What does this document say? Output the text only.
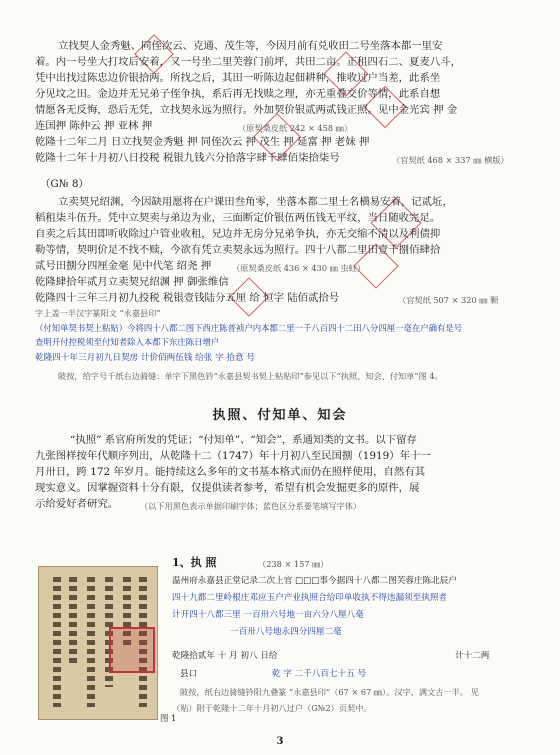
立找契人金秀魁、同侄次云、克通、茂生等，今因月前有兑收田二号坐落本都一里安
着。内一号坐大打坟后安着，又一号坐二里芙蓉门前坪，共田二亩。正租四石二、夏麦八斗，
凭中出找过陈忠边价银拾两。所找之后，其田一听陈边起佃耕种，推收过户当差，此系坐
分见坟之田。金边并无兄弟子侄争执，系后再无找赎之理，亦无重叠交价等情，此系自想
情愿各无反悔，恐后无凭，立找契永远为照行。外加契价银贰两贰钱正照。见中金光宾 押 金
连国押 陈仲云 押 亚林 押	（原契桑皮纸 242 × 458 ㎜）
乾隆十二年二月 日立找契金秀魁 押 同侄次云 押 茂生 押 延富 押 老妹 押
乾隆十二年十月初八日投税 税银九钱六分拾落字肆千肆佰柒拾柒号	（官契纸 468 × 337 ㎜ 横版）
（G№ 8）
立卖契兄绍渊，今因缺用愿将在户课田叁角零，坐落本都二里土名横易安着，记贰坵，
稻租柒斗伍升。凭中立契卖与弟边为业，三面断定价银伍两伍钱无平纹，当日随收完足。
自卖之后其田即听收除过户管业收租，兄边并无房分兄弟争执，亦无交缩不清以及利债抑
勒等情，契明价足不找不赎，今欲有凭立卖契永远为照行。四十八都二里田壹千捌佰肆拾
贰号田捌分四厘金毫 见中代笔 绍尧 押	（原契桑皮纸 436 × 430 ㎜ 虫蛀）
乾隆肆拾年贰月立卖契兄绍渊 押 御张维信
乾隆四十三年三月初九投税 税银壹钱陆分五厘 给 恒字 陆佰贰拾号	（官契纸 507 × 320 ㎜ 颗
字上盖一半汉字篆阳文 “永嘉县印”
（付知单契书契上粘贴）今将四十八都二图下西庄陈普祯户内本都二里一千八百四十二田八分四厘一毫在户确有是号
查明开付控税须至付知者除入本都下东庄陈日增户
乾隆四十年三月初九日契房 计价佰两伍钱 给张 字 拾意 号
陂按，给字号千纸右边骑缝：单字下黑色钤“永嘉县契书契上粘贴印”参见以下“执照、知会、付知单”图 4。
执照、付知单、知会
“执照” 系官府所发的凭证；“付知单”、“知会”，系通知类的文书。以下留存
九张图样按年代顺序列出，从乾隆十二（1747）年十月初八至民国捌（1919）年十一
月卅日，跨 172 年岁月。能持续这么多年的文书基本格式而仍在照样使用，自然有其
现实意义。因掌握资料十分有限，仅提供读者参考，希望有机会发掘更多的原件，展
示给爱好者研究。	（以下用黑色表示单据印刷字体；蓝色区分系要笔填写字体）
图 1
1、执 照	（238 × 157 ㎜）
温州府永嘉县正堂记录二次上官 □□□事今据四十八都二图芙蓉庄陈北辰户
四十九都二里岭根庄邓应玉户产业执照合给印单收执不得违漏须至执照者
计开四十八都三里 一百卅六号地一亩六分八厘八毫
一百卅八号地永四分四厘二毫
乾隆拾贰年 十 月 初八 日给	计十二两
县口	乾 字 二千八百七十五 号
陂按，纸右边骑缝钤阳九叠篆 “永嘉县印”（67 × 67 ㎜）。汉字、满文古一半。 见
（贴）附于乾隆十二年十月初八过户（G№2）页契中。
3
